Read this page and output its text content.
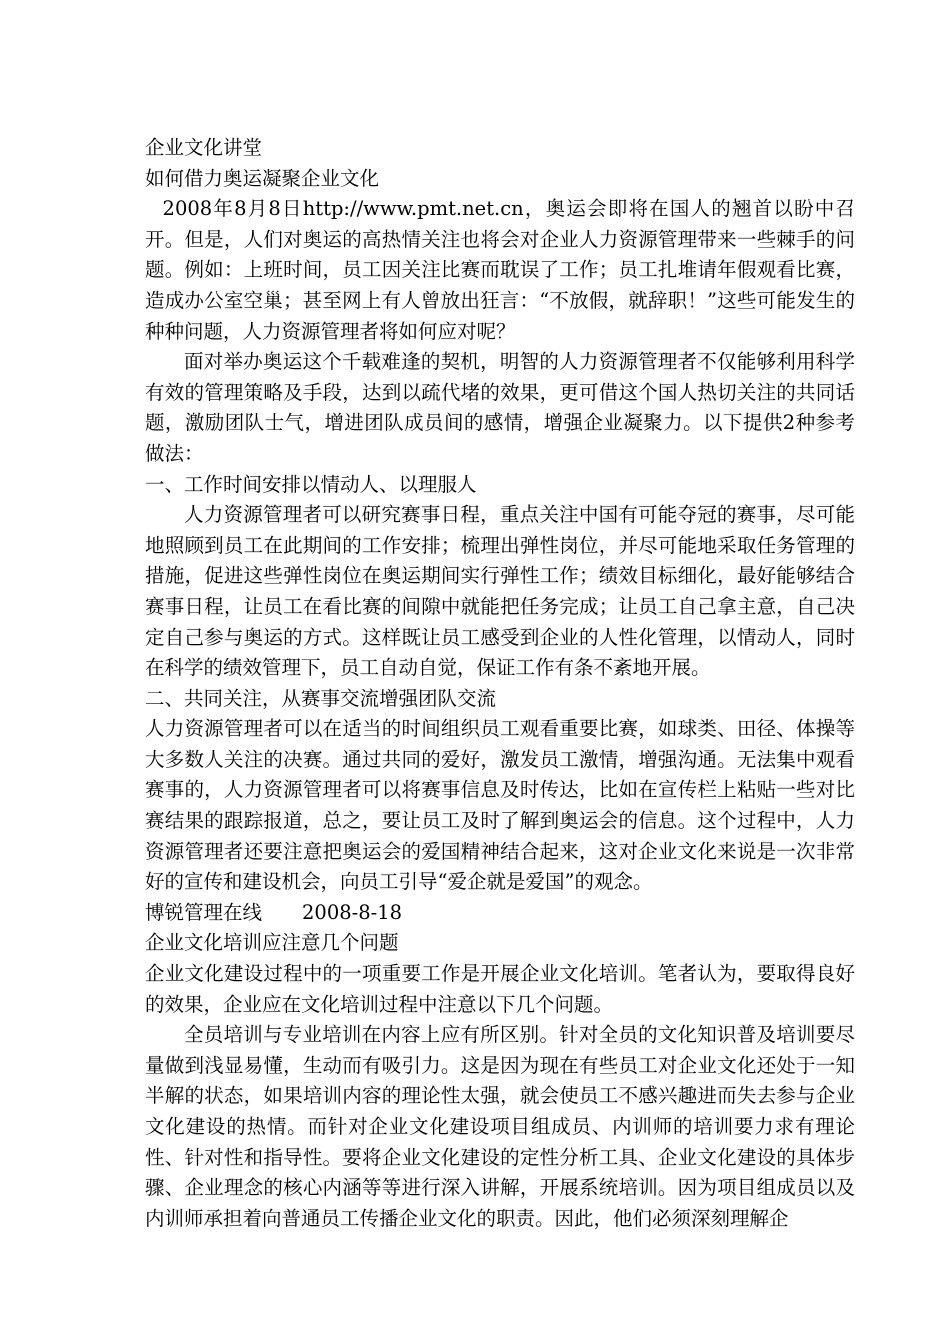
企业文化讲堂

如何借力奥运凝聚企业文化

2008年8月8日http://www.pmt.net.cn，奥运会即将在国人的翘首以盼中召开。但是，人们对奥运的高热情关注也将会对企业人力资源管理带来一些棘手的问题。例如：上班时间，员工因关注比赛而耽误了工作；员工扎堆请年假观看比赛，造成办公室空巢；甚至网上有人曾放出狂言：“不放假，就辞职！”这些可能发生的种种问题，人力资源管理者将如何应对呢？

面对举办奥运这个千载难逢的契机，明智的人力资源管理者不仅能够利用科学有效的管理策略及手段，达到以疏代堵的效果，更可借这个国人热切关注的共同话题，激励团队士气，增进团队成员间的感情，增强企业凝聚力。以下提供2种参考做法：

一、工作时间安排以情动人、以理服人

人力资源管理者可以研究赛事日程，重点关注中国有可能夺冠的赛事，尽可能地照顾到员工在此期间的工作安排；梳理出弹性岗位，并尽可能地采取任务管理的措施，促进这些弹性岗位在奥运期间实行弹性工作；绩效目标细化，最好能够结合赛事日程，让员工在看比赛的间隙中就能把任务完成；让员工自己拿主意，自己决定自己参与奥运的方式。这样既让员工感受到企业的人性化管理，以情动人，同时在科学的绩效管理下，员工自动自觉，保证工作有条不紊地开展。

二、共同关注，从赛事交流增强团队交流

人力资源管理者可以在适当的时间组织员工观看重要比赛，如球类、田径、体操等大多数人关注的决赛。通过共同的爱好，激发员工激情，增强沟通。无法集中观看赛事的，人力资源管理者可以将赛事信息及时传达，比如在宣传栏上粘贴一些对比赛结果的跟踪报道，总之，要让员工及时了解到奥运会的信息。这个过程中，人力资源管理者还要注意把奥运会的爱国精神结合起来，这对企业文化来说是一次非常好的宣传和建设机会，向员工引导“爱企就是爱国”的观念。

博锐管理在线 2008-8-18

企业文化培训应注意几个问题

企业文化建设过程中的一项重要工作是开展企业文化培训。笔者认为，要取得良好的效果，企业应在文化培训过程中注意以下几个问题。

全员培训与专业培训在内容上应有所区别。针对全员的文化知识普及培训要尽量做到浅显易懂，生动而有吸引力。这是因为现在有些员工对企业文化还处于一知半解的状态，如果培训内容的理论性太强，就会使员工不感兴趣进而失去参与企业文化建设的热情。而针对企业文化建设项目组成员、内训师的培训要力求有理论性、针对性和指导性。要将企业文化建设的定性分析工具、企业文化建设的具体步骤、企业理念的核心内涵等等进行深入讲解，开展系统培训。因为项目组成员以及内训师承担着向普通员工传播企业文化的职责。因此，他们必须深刻理解企
